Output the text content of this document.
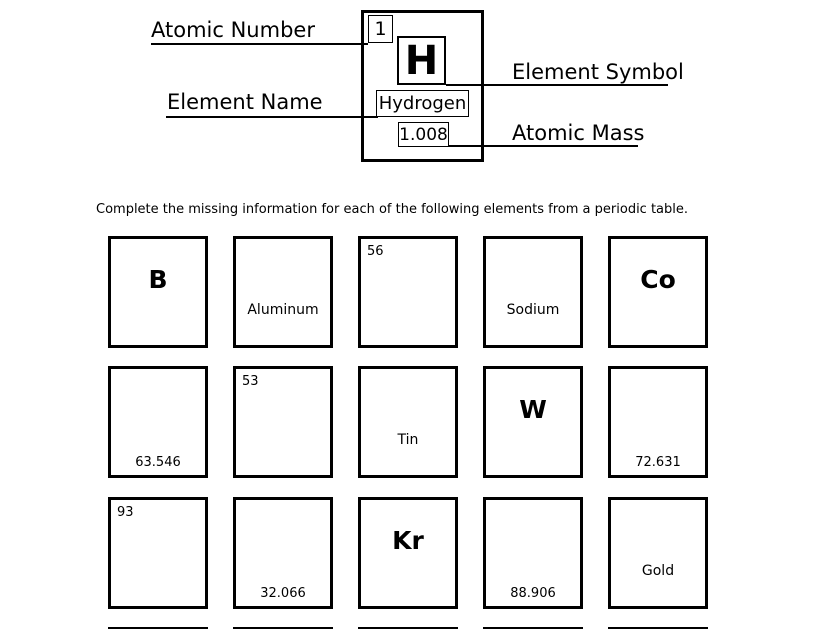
Atomic Number
Element Name
Element Symbol
Atomic Mass
1
H
Hydrogen
1.008
Complete the missing information for each of the following elements from a periodic table.
B
Aluminum
56
Sodium
Co
63.546
53
Tin
W
72.631
93
32.066
Kr
88.906
Gold
